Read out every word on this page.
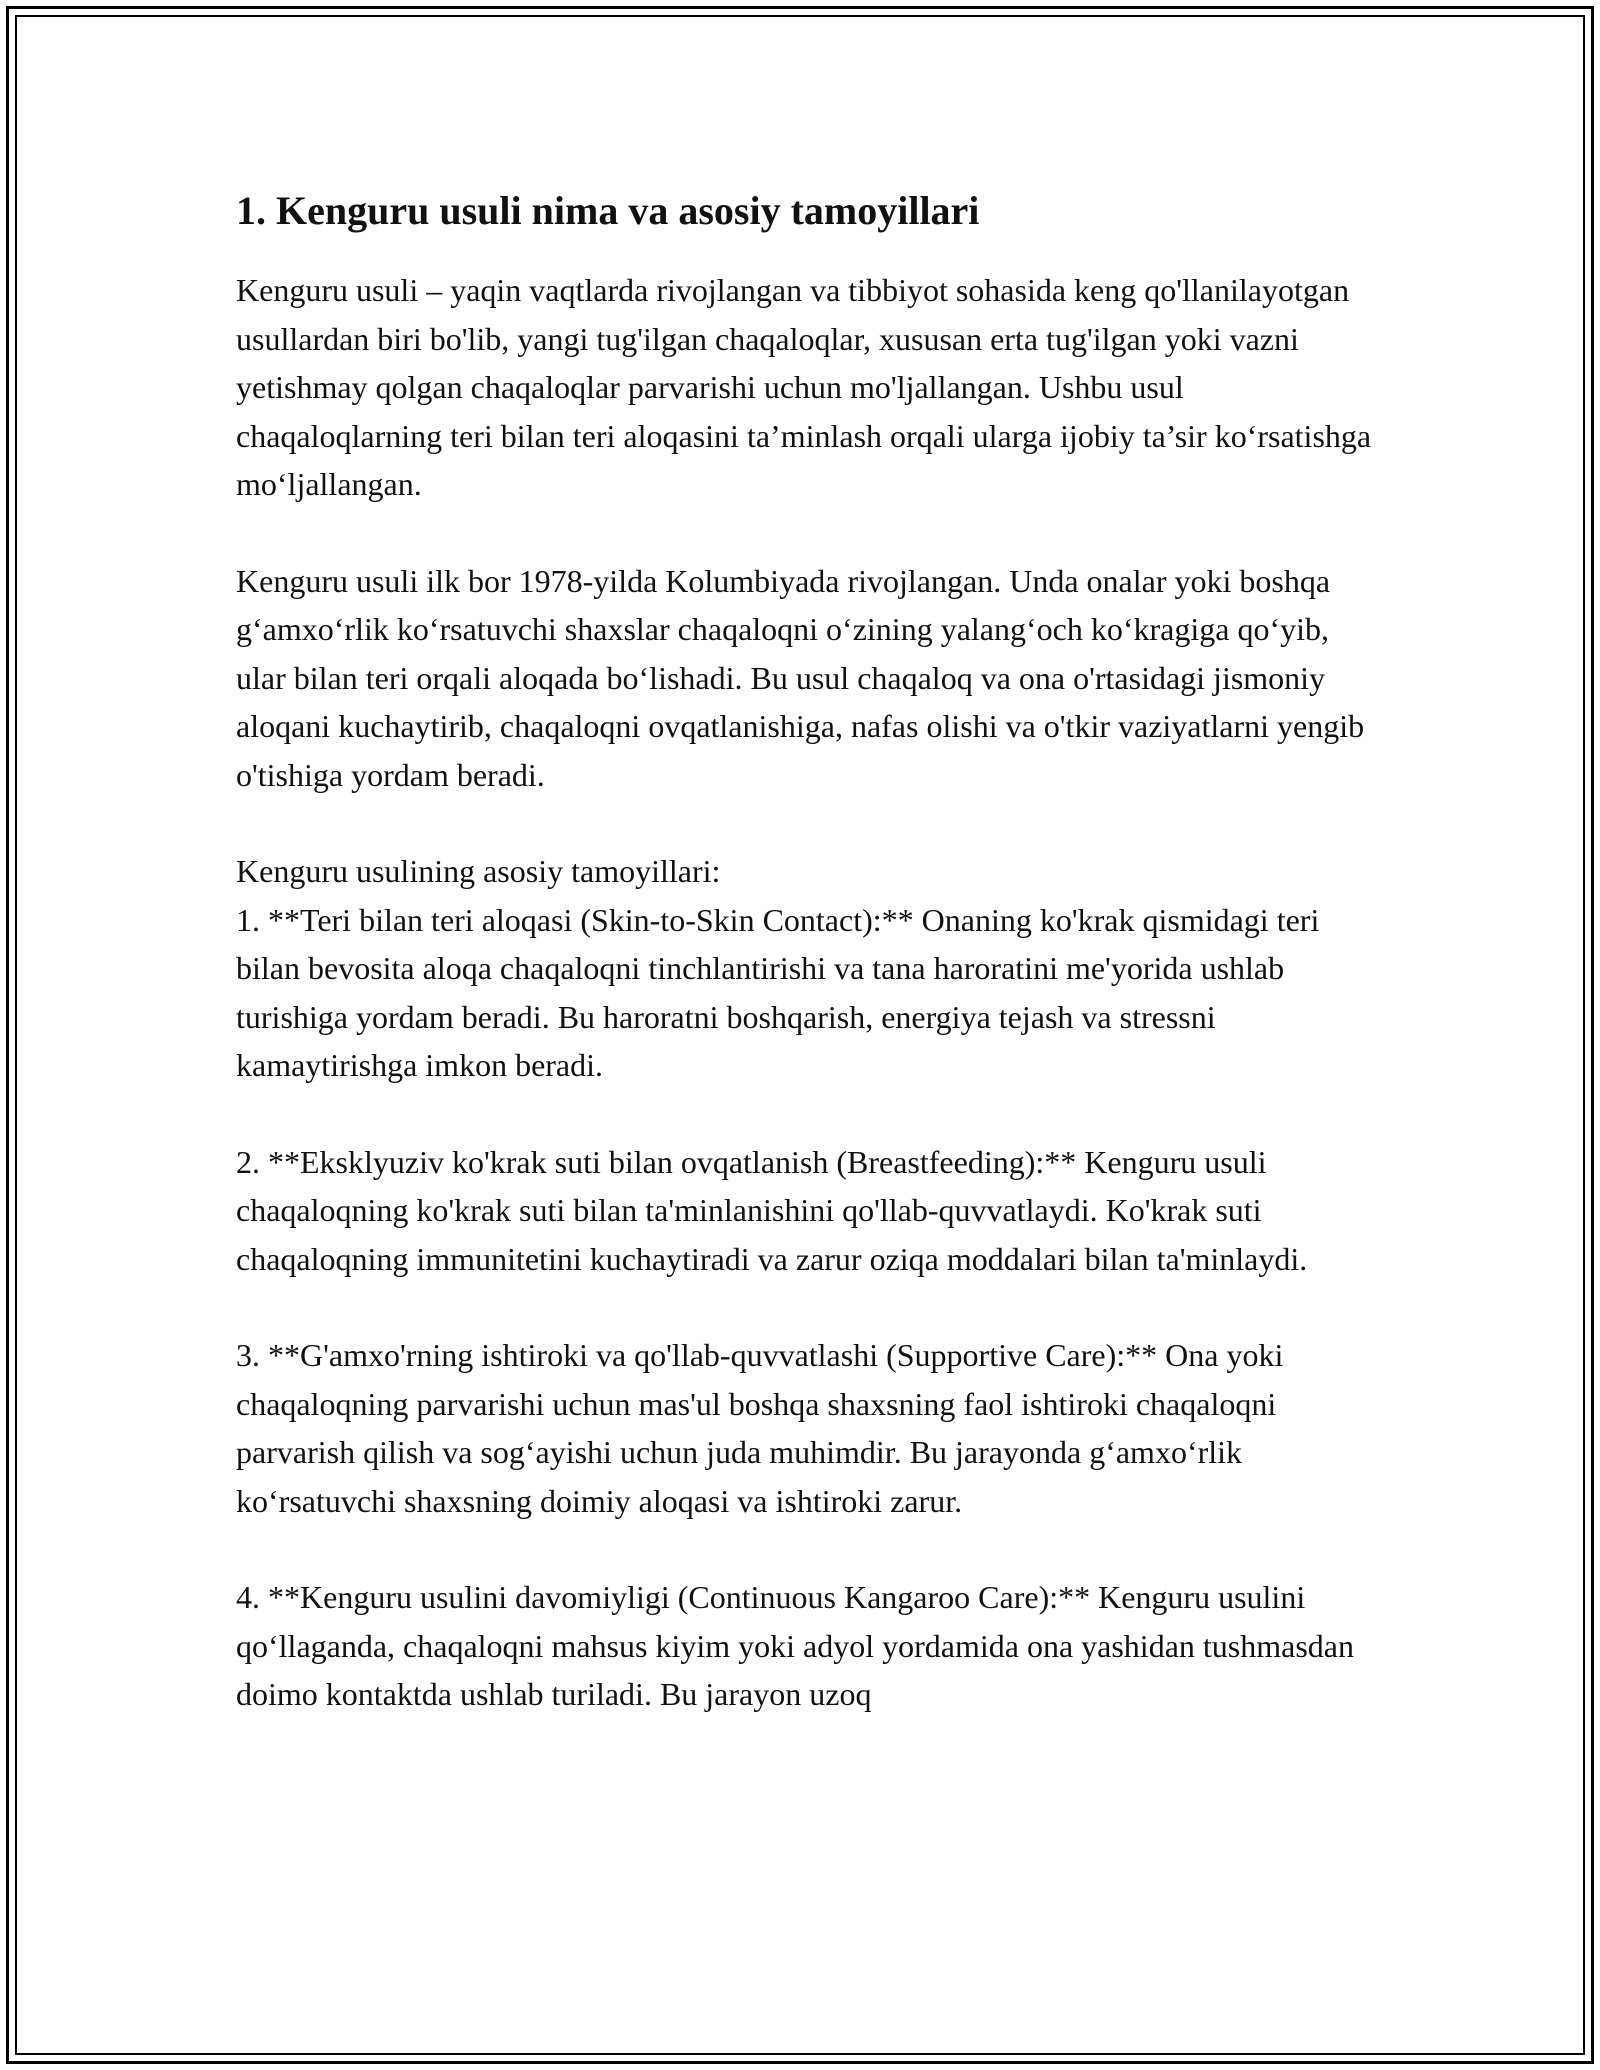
1. Kenguru usuli nima va asosiy tamoyillari

Kenguru usuli – yaqin vaqtlarda rivojlangan va tibbiyot sohasida keng qo'llanilayotgan usullardan biri bo'lib, yangi tug'ilgan chaqaloqlar, xususan erta tug'ilgan yoki vazni yetishmay qolgan chaqaloqlar parvarishi uchun mo'ljallangan. Ushbu usul chaqaloqlarning teri bilan teri aloqasini ta’minlash orqali ularga ijobiy ta’sir ko‘rsatishga mo‘ljallangan.

Kenguru usuli ilk bor 1978-yilda Kolumbiyada rivojlangan. Unda onalar yoki boshqa g‘amxo‘rlik ko‘rsatuvchi shaxslar chaqaloqni o‘zining yalang‘och ko‘kragiga qo‘yib, ular bilan teri orqali aloqada bo‘lishadi. Bu usul chaqaloq va ona o'rtasidagi jismoniy aloqani kuchaytirib, chaqaloqni ovqatlanishiga, nafas olishi va o'tkir vaziyatlarni yengib o'tishiga yordam beradi.

Kenguru usulining asosiy tamoyillari:

1. **Teri bilan teri aloqasi (Skin-to-Skin Contact):** Onaning ko'krak qismidagi teri bilan bevosita aloqa chaqaloqni tinchlantirishi va tana haroratini me'yorida ushlab turishiga yordam beradi. Bu haroratni boshqarish, energiya tejash va stressni kamaytirishga imkon beradi.

2. **Eksklyuziv ko'krak suti bilan ovqatlanish (Breastfeeding):** Kenguru usuli chaqaloqning ko'krak suti bilan ta'minlanishini qo'llab-quvvatlaydi. Ko'krak suti chaqaloqning immunitetini kuchaytiradi va zarur oziqa moddalari bilan ta'minlaydi.

3. **G'amxo'rning ishtiroki va qo'llab-quvvatlashi (Supportive Care):** Ona yoki chaqaloqning parvarishi uchun mas'ul boshqa shaxsning faol ishtiroki chaqaloqni parvarish qilish va sog‘ayishi uchun juda muhimdir. Bu jarayonda g‘amxo‘rlik ko‘rsatuvchi shaxsning doimiy aloqasi va ishtiroki zarur.

4. **Kenguru usulini davomiyligi (Continuous Kangaroo Care):** Kenguru usulini qo‘llaganda, chaqaloqni mahsus kiyim yoki adyol yordamida ona yashidan tushmasdan doimo kontaktda ushlab turiladi. Bu jarayon uzoq
